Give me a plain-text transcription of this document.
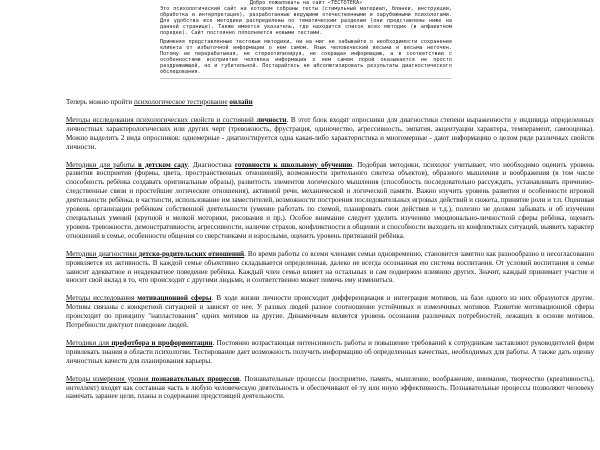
Добро пожаловать на сайт «ТЕСТОТЕКА»

Это психологический сайт на котором собраны тесты (стимульный материал, бланки, инструкции, обработка и интерпретация), разработанные ведущими отечественными и зарубежными психологами. Для удобства все методики распределены по тематическим разделам (они представлены ниже на данной странице). Также имеется указатель, где находится список всех методик (в алфавитном порядке). Сайт постоянно пополняется новыми тестами.

Применяя представленные тестовые методики, ни на миг не забывайте о необходимости сохранения клиента от избыточной информации о нем самом. Язык человеческий весьма и весьма неточен. Потому не перерабатывая, не стереотипизируя, не сокращая информацию, а в соответствии с особенностями восприятия человека информации о нем самом порой оказывается не просто раздражающей, но и губительной. Постарайтесь не абсолютизировать результаты диагностического обследования.

Теперь можно пройти психологическое тестирование онлайн
Методы исследования психологических свойств и состояний личности. В этот блок входят опросники для диагностики степени выраженности у индивида определенных личностных характерологических или других черт (тревожность, фрустрация, одиночество, агрессивность, эмпатия, акцентуации характера, темперамент, самооценка). Можно выделить 2 вида опросников: одномерные - диагностируется одна какая-либо характеристика и многомерные - дают информацию о целом ряде различных свойств личности.
Методики для работы в детском саду. Диагностика готовности к школьному обучению. Подобрав методики, психолог учитывает, что необходимо оценить уровень развития восприятия (формы, цвета, пространственных отношений), возможности зрительного синтеза объектов), образного мышления и воображения (в том числе способность ребёнка создавать оригинальные образы), развитость элементов логического мышления (способность последовательно рассуждать, устанавливать причинно-следственные связи и простейшие логические отношения), активной речи, механической и логической памяти. Важно изучить уровень развития и особенности игровой деятельности ребёнка, в частности, использование им заместителей, возможности построения последовательных игровых действий и сюжета, принятие роли и т.п. Оценивая уровень организации ребёнком собственной деятельности (умение работать по схемой, планировать свои действия и т.д.), полезно не должен забывать и об изучении специальных умений (крупной и мелкой моторики, рисования и пр.). Особое внимание следует уделить изучению эмоционально-личностной сферы ребёнка, оценить уровень тревожности, демонстративности, агрессивности, наличие страхов, конфликтности в общении и способности выходить из конфликтных ситуаций, выявить характер отношений в семье, особенности общения со сверстниками и взрослыми, оценить уровень притязаний ребёнка.
Методики диагностики детско-родительских отношений. Во время работы со всеми членами семьи одновременно, становится заметно как разнообразно и несогласованно проявляется их активность. В каждой семье объективно складывается определенная, далеко не всегда осознанная ею система воспитания. От условий воспитания в семье зависит адекватное и неадекватное поведение ребёнка. Каждый член семьи влияет на остальных и сам подвержен влиянию других. Значит, каждый принимает участие и вносит свой вклад в то, что происходит с другими людьми, и соответственно может помочь ему измениться.
Методы исследования мотивационной сферы. В ходе жизни личности происходит дифференциация и интеграция мотивов, на базе одного из них образуются другие. Мотивы связаны с конкретной ситуацией и зависят от нее. У разных людей разное соотношение устойчивых и изменчивых мотивов. Развитие мотивационной сферы происходит по принципу "напластования" одних мотивов на другие. Динамичным является уровень осознания различных потребностей, лежащих в основе мотивов. Потребности диктуют поведение людей.
Методики для профотбора и профориентации. Постоянно возрастающая интенсивность работы и повышение требований к сотрудникам заставляют руководителей фирм привлекать знания в области психологии. Тестирование дает возможность получить информацию об определенных качествах, необходимых для работы. А также дать оценку личностных качеств для планирования карьеры.
Методы измерения уровня познавательных процессов. Познавательные процессы (восприятие, память, мышление, воображение, внимание, творчество (креативность), интеллект) входят как составная часть в любую человеческую деятельность и обеспечивают её ту или иную эффективность. Познавательные процессы позволяют человеку намечать заранее цели, планы и содержание предстоящей деятельности.
